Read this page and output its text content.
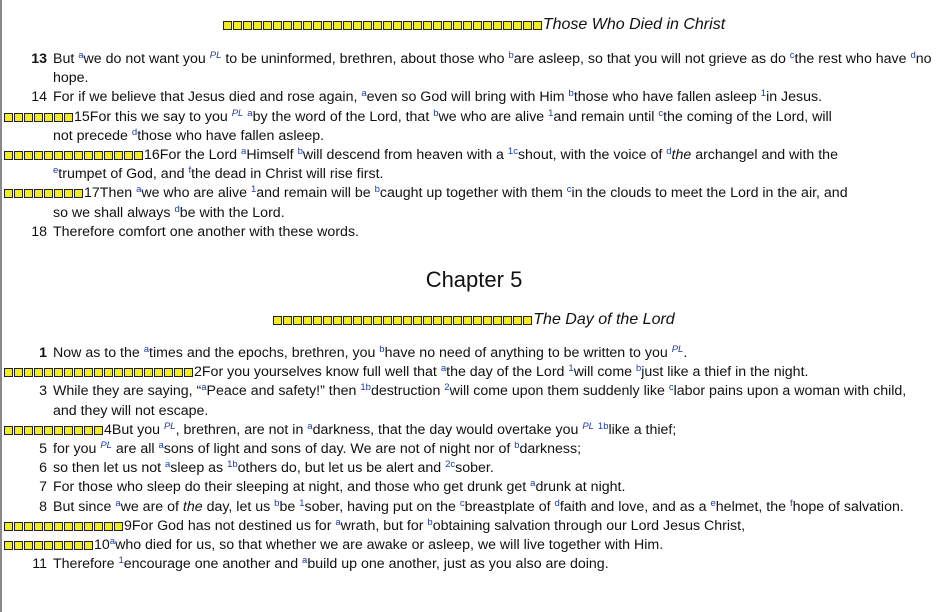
Those Who Died in Christ
13 But $^a$we do not want you $^{PL}$ to be uninformed, brethren, about those who $^b$are asleep, so that you will not grieve as do $^c$the rest who have $^d$no hope.
14 For if we believe that Jesus died and rose again, $^a$even so God will bring with Him $^b$those who have fallen asleep $^1$in Jesus.
15For this we say to you $^{PL}$ $^a$by the word of the Lord, that $^b$we who are alive $^1$and remain until $^c$the coming of the Lord, will
not precede $^d$those who have fallen asleep.
16For the Lord $^a$Himself $^b$will descend from heaven with a $^{1c}$shout, with the voice of $^d$the archangel and with the
$^e$trumpet of God, and $^f$the dead in Christ will rise first.
17Then $^a$we who are alive $^1$and remain will be $^b$caught up together with them $^c$in the clouds to meet the Lord in the air, and
so we shall always $^d$be with the Lord.
18 Therefore comfort one another with these words.
Chapter 5
The Day of the Lord
1 Now as to the $^a$times and the epochs, brethren, you $^b$have no need of anything to be written to you $^{PL}$.
2For you yourselves know full well that $^a$the day of the Lord $^1$will come $^b$just like a thief in the night.
3 While they are saying, “$^a$Peace and safety!” then $^{1b}$destruction $^2$will come upon them suddenly like $^c$labor pains upon a woman with child, and they will not escape.
4But you $^{PL}$, brethren, are not in $^a$darkness, that the day would overtake you $^{PL}$ $^{1b}$like a thief;
5 for you $^{PL}$ are all $^a$sons of light and sons of day. We are not of night nor of $^b$darkness;
6 so then let us not $^a$sleep as $^{1b}$others do, but let us be alert and $^{2c}$sober.
7 For those who sleep do their sleeping at night, and those who get drunk get $^a$drunk at night.
8 But since $^a$we are of the day, let us $^b$be $^1$sober, having put on the $^c$breastplate of $^d$faith and love, and as a $^e$helmet, the $^f$hope of salvation.
9For God has not destined us for $^a$wrath, but for $^b$obtaining salvation through our Lord Jesus Christ,
10$^a$who died for us, so that whether we are awake or asleep, we will live together with Him.
11 Therefore $^1$encourage one another and $^a$build up one another, just as you also are doing.
